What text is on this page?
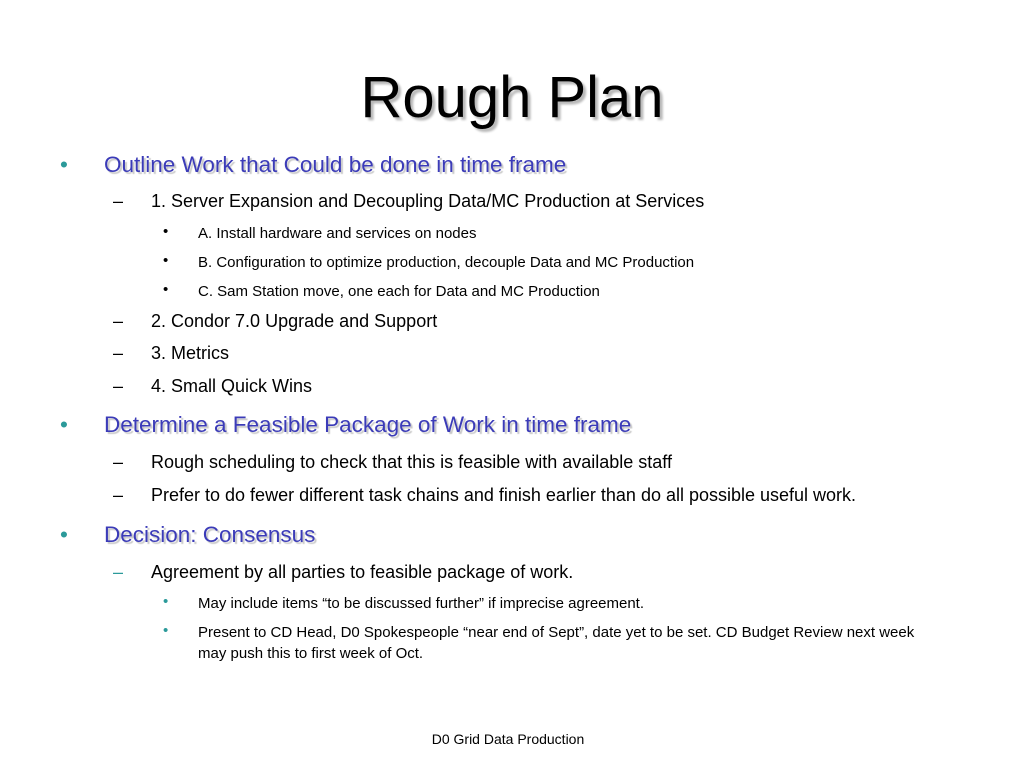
Rough Plan
• Outline Work that Could be done in time frame
– 1. Server Expansion and Decoupling Data/MC Production at Services
• A. Install hardware and services on nodes
• B. Configuration to optimize production, decouple Data and MC Production
• C. Sam Station move, one each for Data and MC Production
– 2. Condor 7.0 Upgrade and Support
– 3. Metrics
– 4. Small Quick Wins
• Determine a Feasible Package of Work in time frame
– Rough scheduling to check that this is feasible with available staff
– Prefer to do fewer different task chains and finish earlier than do all possible useful work.
• Decision: Consensus
– Agreement by all parties to feasible package of work.
• May include items “to be discussed further” if imprecise agreement.
• Present to CD Head, D0 Spokespeople “near end of Sept”, date yet to be set. CD Budget Review next week may push this to first week of Oct.
D0 Grid Data Production
